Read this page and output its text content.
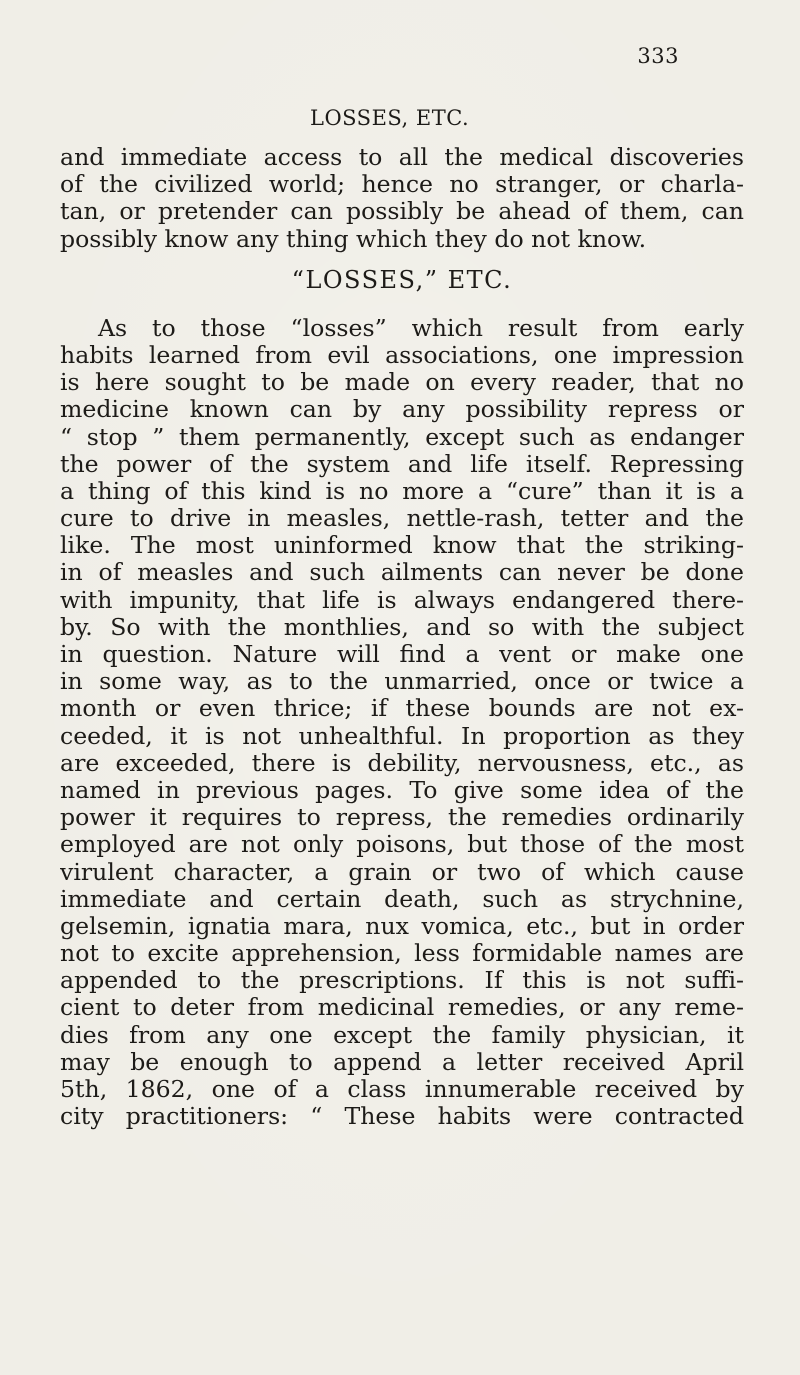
LOSSES, ETC.
333
and immediate access to all the medical discoveries
of the civilized world; hence no stranger, or charla-
tan, or pretender can possibly be ahead of them, can
possibly know any thing which they do not know.
“LOSSES,” ETC.
As to those “losses” which result from early
habits learned from evil associations, one impression
is here sought to be made on every reader, that no
medicine known can by any possibility repress or
“ stop ” them permanently, except such as endanger
the power of the system and life itself. Repressing
a thing of this kind is no more a “cure” than it is a
cure to drive in measles, nettle-rash, tetter and the
like. The most uninformed know that the striking-
in of measles and such ailments can never be done
with impunity, that life is always endangered there-
by. So with the monthlies, and so with the subject
in question. Nature will find a vent or make one
in some way, as to the unmarried, once or twice a
month or even thrice; if these bounds are not ex-
ceeded, it is not unhealthful. In proportion as they
are exceeded, there is debility, nervousness, etc., as
named in previous pages. To give some idea of the
power it requires to repress, the remedies ordinarily
employed are not only poisons, but those of the most
virulent character, a grain or two of which cause
immediate and certain death, such as strychnine,
gelsemin, ignatia mara, nux vomica, etc., but in order
not to excite apprehension, less formidable names are
appended to the prescriptions. If this is not suffi-
cient to deter from medicinal remedies, or any reme-
dies from any one except the family physician, it
may be enough to append a letter received April
5th, 1862, one of a class innumerable received by
city practitioners: “ These habits were contracted
